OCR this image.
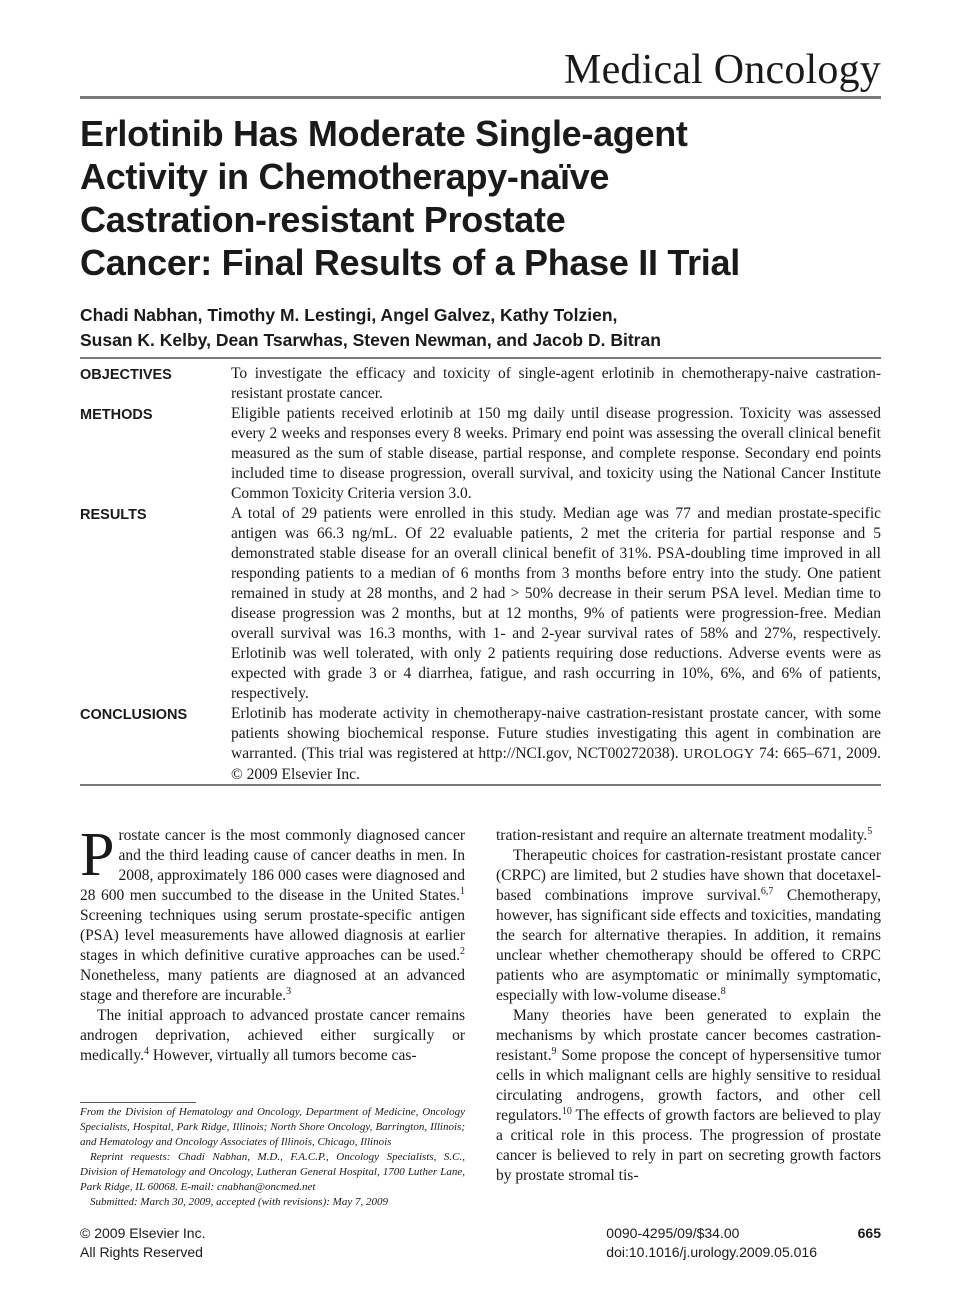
Medical Oncology
Erlotinib Has Moderate Single-agent
Activity in Chemotherapy-naïve
Castration-resistant Prostate
Cancer: Final Results of a Phase II Trial
Chadi Nabhan, Timothy M. Lestingi, Angel Galvez, Kathy Tolzien,
Susan K. Kelby, Dean Tsarwhas, Steven Newman, and Jacob D. Bitran
OBJECTIVES	To investigate the efficacy and toxicity of single-agent erlotinib in chemotherapy-naive castration-resistant prostate cancer.
METHODS	Eligible patients received erlotinib at 150 mg daily until disease progression. Toxicity was assessed every 2 weeks and responses every 8 weeks. Primary end point was assessing the overall clinical benefit measured as the sum of stable disease, partial response, and complete response. Secondary end points included time to disease progression, overall survival, and toxicity using the National Cancer Institute Common Toxicity Criteria version 3.0.
RESULTS	A total of 29 patients were enrolled in this study. Median age was 77 and median prostate-specific antigen was 66.3 ng/mL. Of 22 evaluable patients, 2 met the criteria for partial response and 5 demonstrated stable disease for an overall clinical benefit of 31%. PSA-doubling time improved in all responding patients to a median of 6 months from 3 months before entry into the study. One patient remained in study at 28 months, and 2 had > 50% decrease in their serum PSA level. Median time to disease progression was 2 months, but at 12 months, 9% of patients were progression-free. Median overall survival was 16.3 months, with 1- and 2-year survival rates of 58% and 27%, respectively. Erlotinib was well tolerated, with only 2 patients requiring dose reductions. Adverse events were as expected with grade 3 or 4 diarrhea, fatigue, and rash occurring in 10%, 6%, and 6% of patients, respectively.
CONCLUSIONS	Erlotinib has moderate activity in chemotherapy-naive castration-resistant prostate cancer, with some patients showing biochemical response. Future studies investigating this agent in combination are warranted. (This trial was registered at http://NCI.gov, NCT00272038). UROLOGY 74: 665–671, 2009. © 2009 Elsevier Inc.

Prostate cancer is the most commonly diagnosed cancer and the third leading cause of cancer deaths in men. In 2008, approximately 186 000 cases were diagnosed and 28 600 men succumbed to the disease in the United States.$^1$ Screening techniques using serum prostate-specific antigen (PSA) level measurements have allowed diagnosis at earlier stages in which definitive curative approaches can be used.$^2$ Nonetheless, many patients are diagnosed at an advanced stage and therefore are incurable.$^3$

The initial approach to advanced prostate cancer remains androgen deprivation, achieved either surgically or medically.$^4$ However, virtually all tumors become cas-

tration-resistant and require an alternate treatment modality.$^5$

Therapeutic choices for castration-resistant prostate cancer (CRPC) are limited, but 2 studies have shown that docetaxel-based combinations improve survival.$^{6,7}$ Chemotherapy, however, has significant side effects and toxicities, mandating the search for alternative therapies. In addition, it remains unclear whether chemotherapy should be offered to CRPC patients who are asymptomatic or minimally symptomatic, especially with low-volume disease.$^8$

Many theories have been generated to explain the mechanisms by which prostate cancer becomes castration-resistant.$^9$ Some propose the concept of hypersensitive tumor cells in which malignant cells are highly sensitive to residual circulating androgens, growth factors, and other cell regulators.$^{10}$ The effects of growth factors are believed to play a critical role in this process. The progression of prostate cancer is believed to rely in part on secreting growth factors by prostate stromal tis-

From the Division of Hematology and Oncology, Department of Medicine, Oncology Specialists, Hospital, Park Ridge, Illinois; North Shore Oncology, Barrington, Illinois; and Hematology and Oncology Associates of Illinois, Chicago, Illinois

Reprint requests: Chadi Nabhan, M.D., F.A.C.P., Oncology Specialists, S.C., Division of Hematology and Oncology, Lutheran General Hospital, 1700 Luther Lane, Park Ridge, IL 60068. E-mail: cnabhan@oncmed.net

Submitted: March 30, 2009, accepted (with revisions): May 7, 2009

© 2009 Elsevier Inc.
All Rights Reserved
0090-4295/09/$34.00
doi:10.1016/j.urology.2009.05.016
665
